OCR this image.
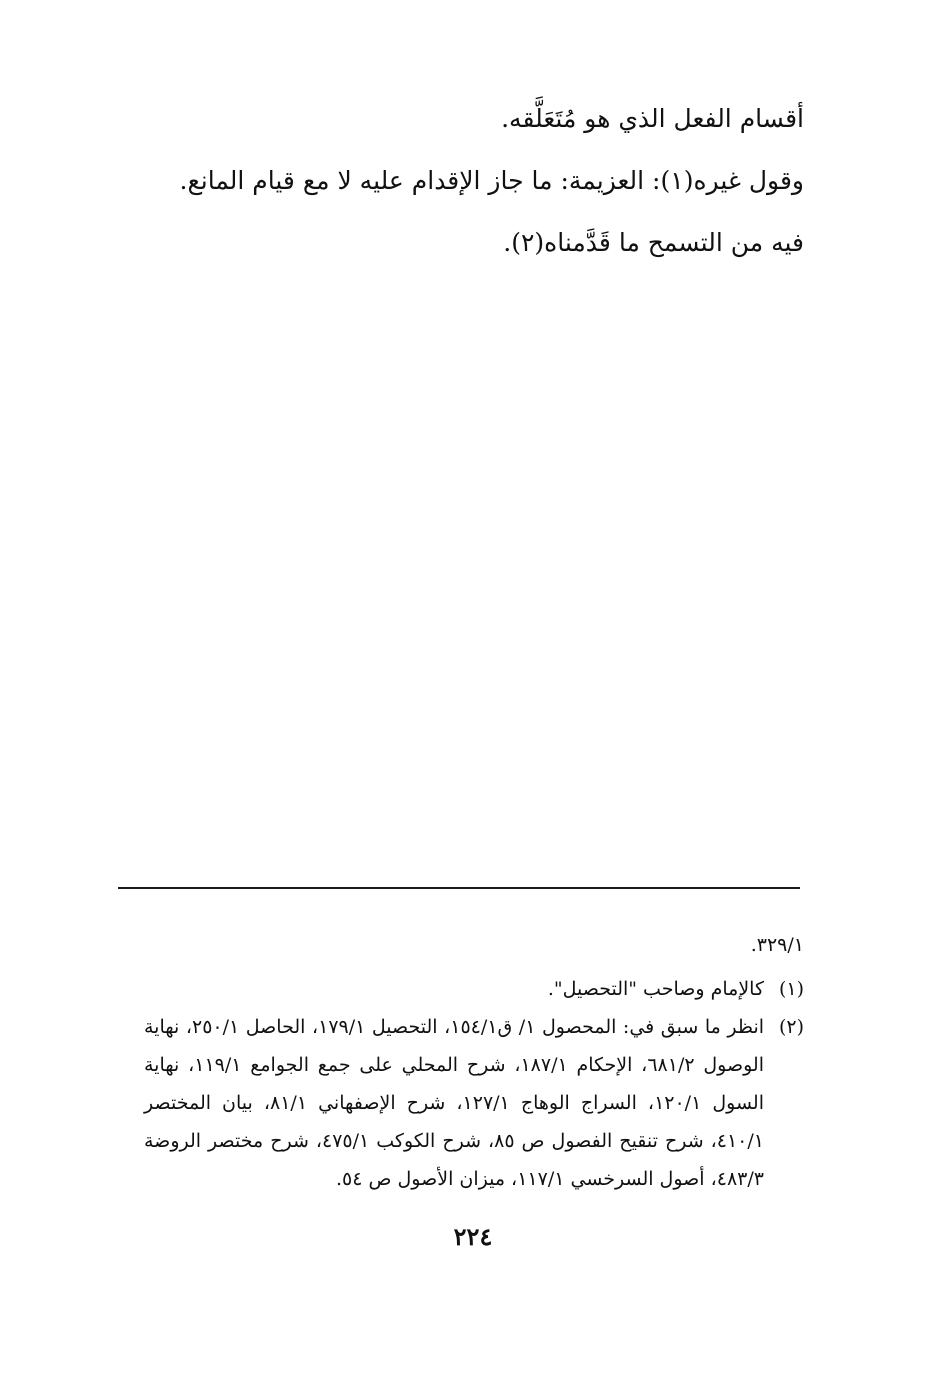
أقسام الفعل الذي هو مُتَعَلَّقه.
وقول غيره(١): العزيمة: ما جاز الإقدام عليه لا مع قيام المانع.
فيه من التسمح ما قَدَّمناه(٢).

٣٢٩/١.

(١)
كالإمام وصاحب "التحصيل".
(٢)
انظر ما سبق في: المحصول ١/ ق١٥٤/١، التحصيل ١٧٩/١، الحاصل ٢٥٠/١، نهاية الوصول ٦٨١/٢، الإحكام ١٨٧/١، شرح المحلي على جمع الجوامع ١١٩/١، نهاية السول ١٢٠/١، السراج الوهاج ١٢٧/١، شرح الإصفهاني ٨١/١، بيان المختصر ٤١٠/١، شرح تنقيح الفصول ص ٨٥، شرح الكوكب ٤٧٥/١، شرح مختصر الروضة ٤٨٣/٣، أصول السرخسي ١١٧/١، ميزان الأصول ص ٥٤.
٢٢٤
